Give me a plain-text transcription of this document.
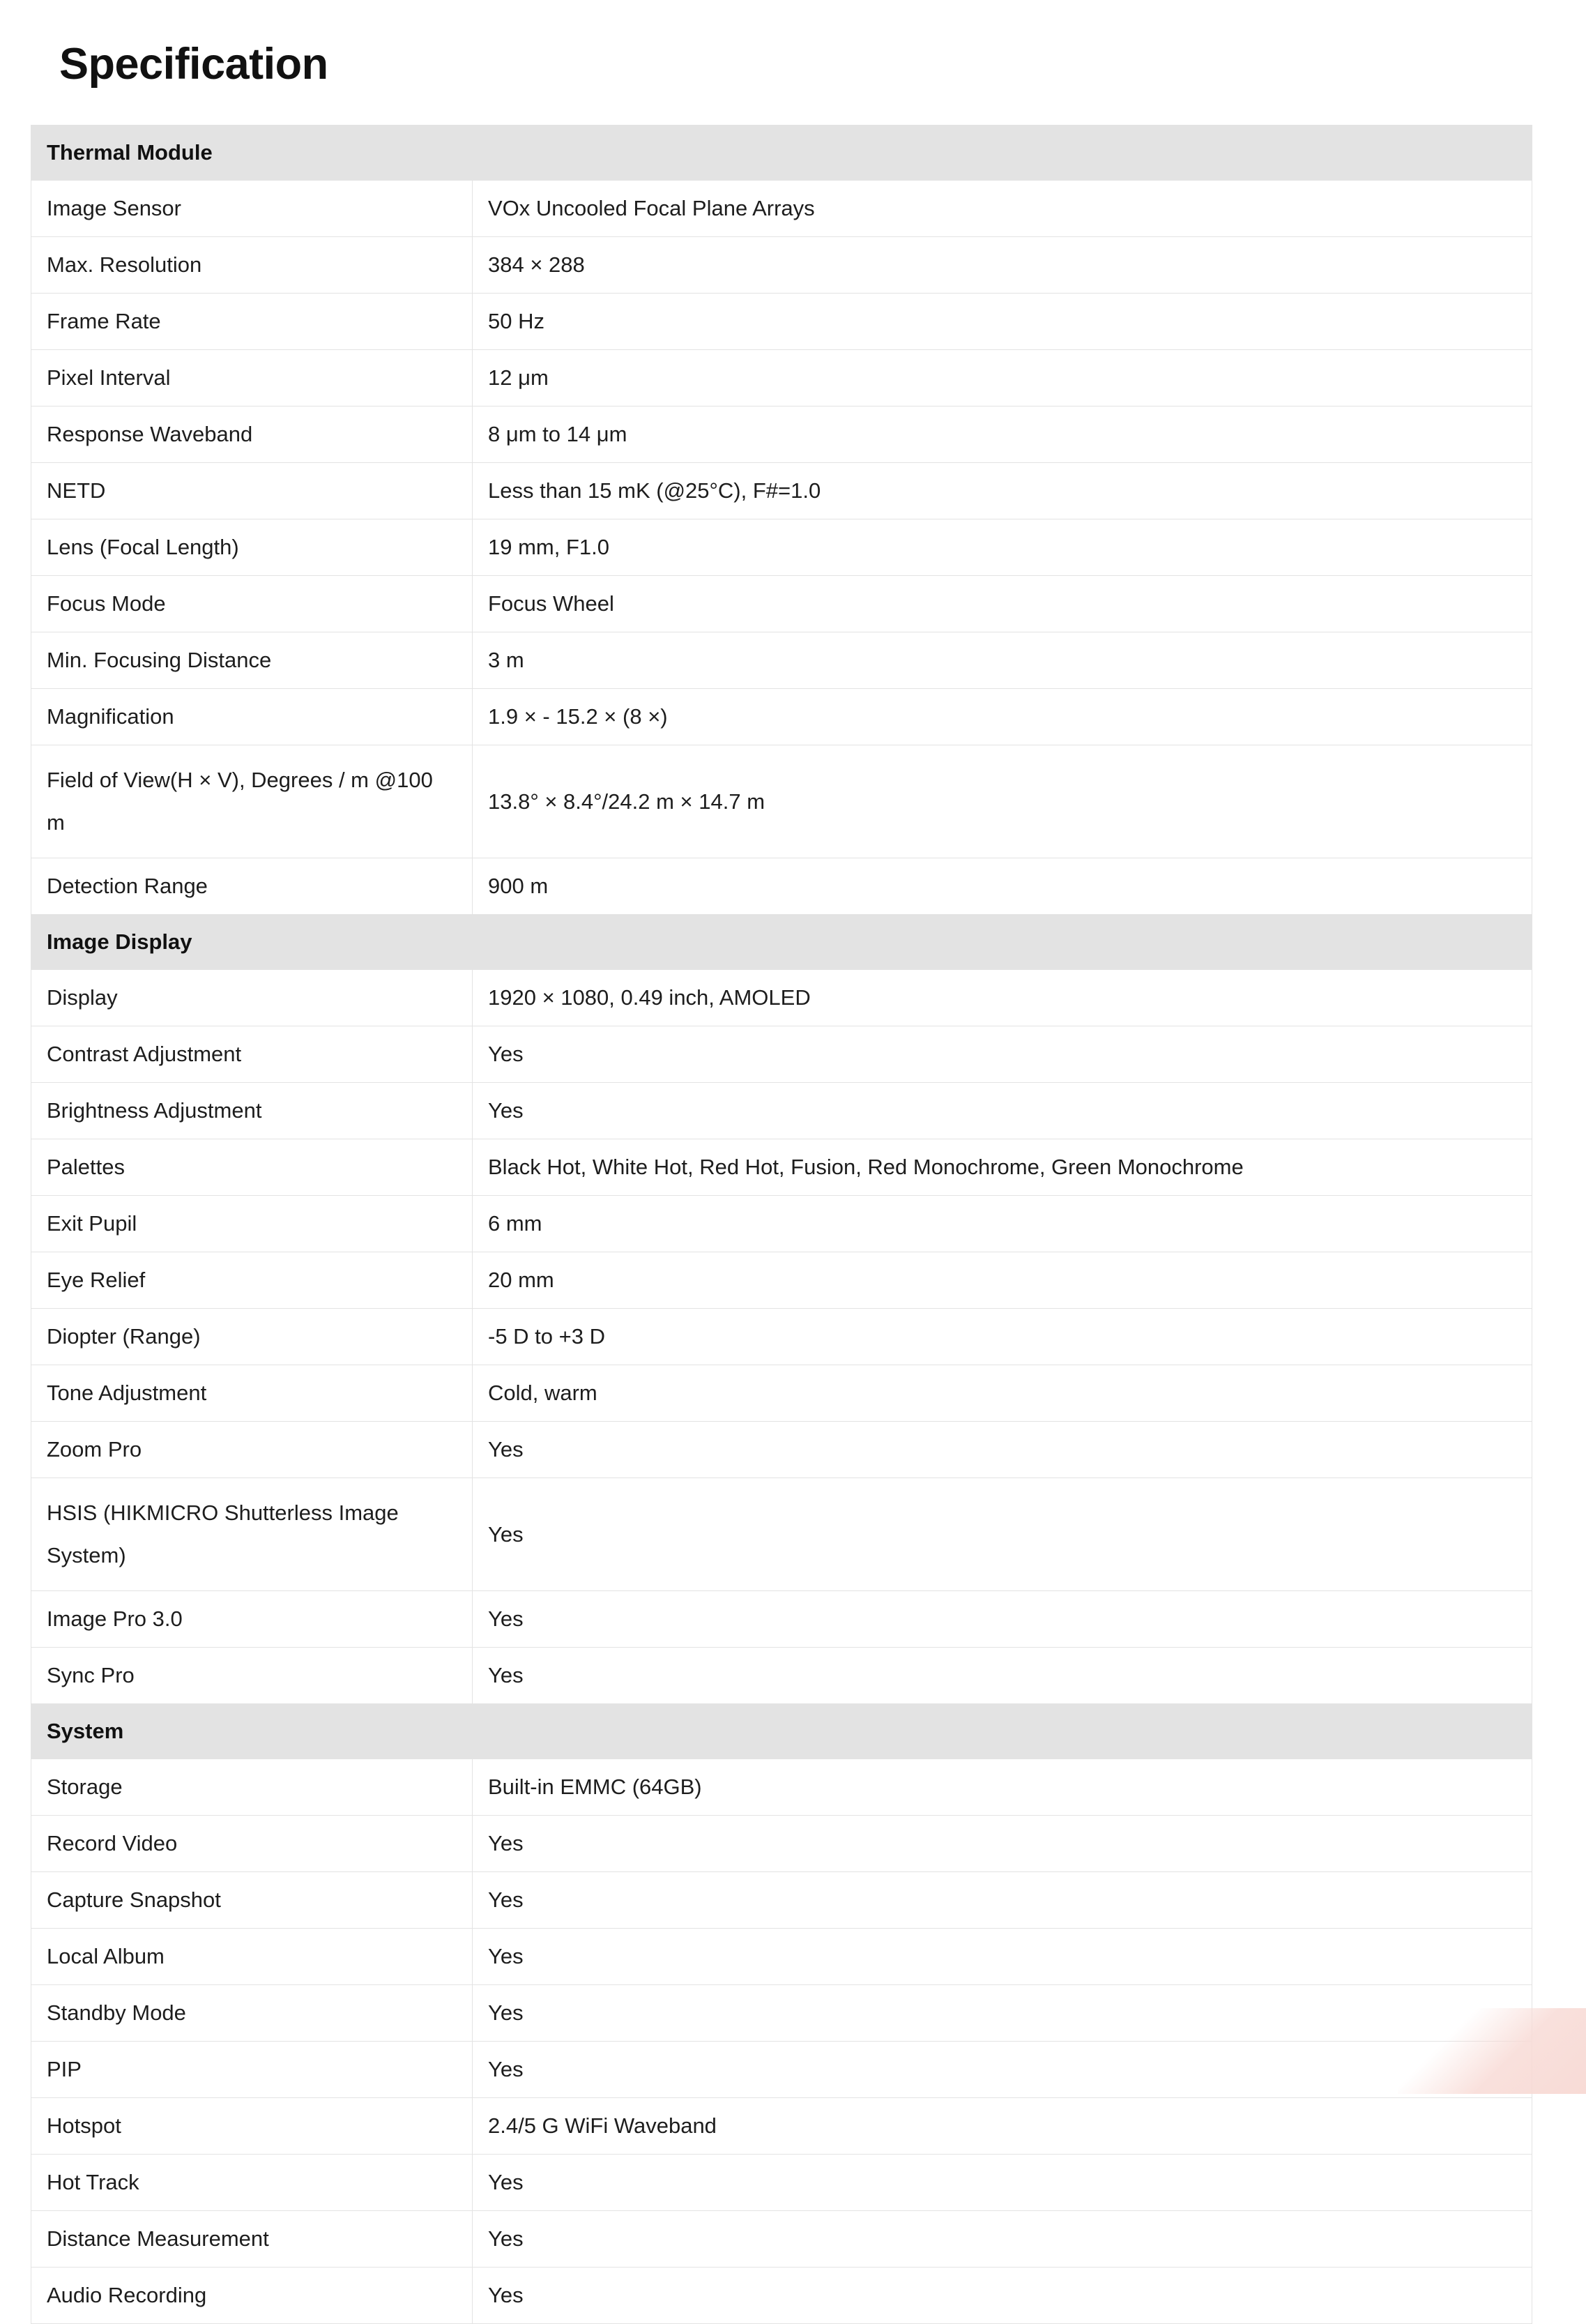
Specification
Thermal Module	
Image Sensor	VOx Uncooled Focal Plane Arrays
Max. Resolution	384 × 288
Frame Rate	50 Hz
Pixel Interval	12 μm
Response Waveband	8 μm to 14 μm
NETD	Less than 15 mK (@25°C), F#=1.0
Lens (Focal Length)	19 mm, F1.0
Focus Mode	Focus Wheel
Min. Focusing Distance	3 m
Magnification	1.9 × - 15.2 × (8 ×)
Field of View(H × V), Degrees / m @100 m	13.8° × 8.4°/24.2 m × 14.7 m
Detection Range	900 m
Image Display	
Display	1920 × 1080, 0.49 inch, AMOLED
Contrast Adjustment	Yes
Brightness Adjustment	Yes
Palettes	Black Hot, White Hot, Red Hot, Fusion, Red Monochrome, Green Monochrome
Exit Pupil	6 mm
Eye Relief	20 mm
Diopter (Range)	-5 D to +3 D
Tone Adjustment	Cold, warm
Zoom Pro	Yes
HSIS (HIKMICRO Shutterless Image System)	Yes
Image Pro 3.0	Yes
Sync Pro	Yes
System	
Storage	Built-in EMMC (64GB)
Record Video	Yes
Capture Snapshot	Yes
Local Album	Yes
Standby Mode	Yes
PIP	Yes
Hotspot	2.4/5 G WiFi Waveband
Hot Track	Yes
Distance Measurement	Yes
Audio Recording	Yes
